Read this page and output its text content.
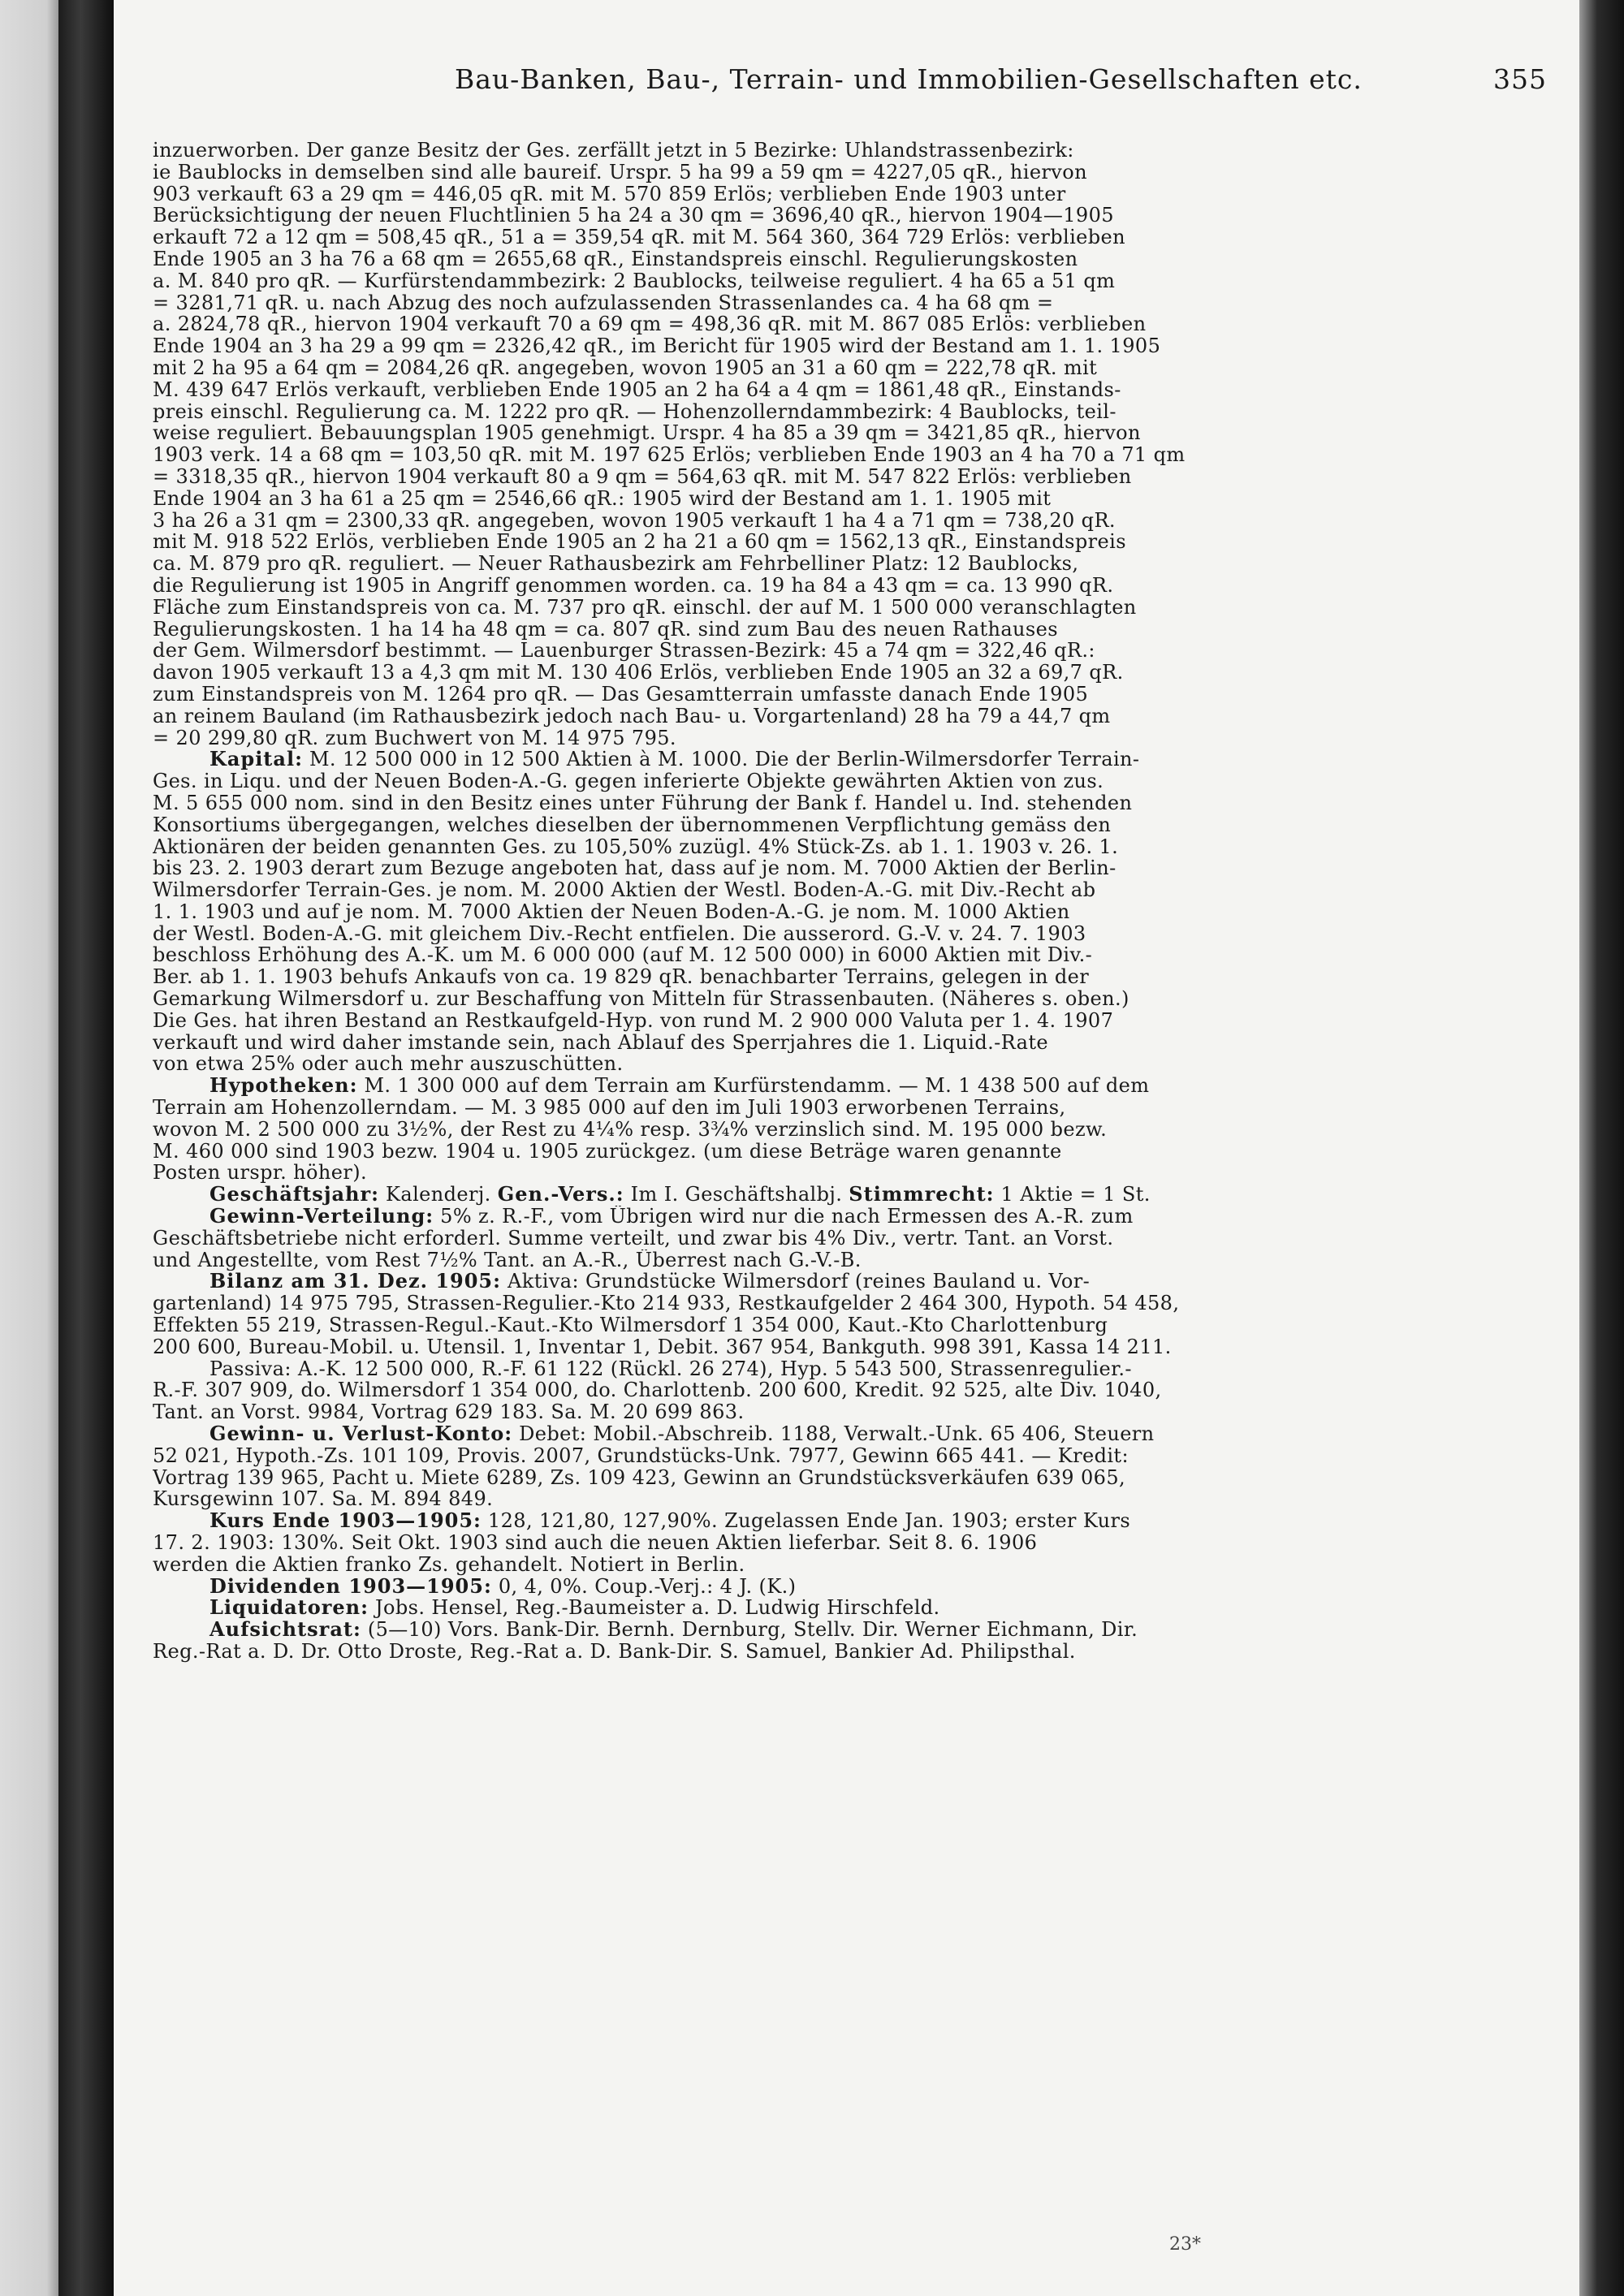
Bau-Banken, Bau-, Terrain- und Immobilien-Gesellschaften etc.	355
inzuerworben. Der ganze Besitz der Ges. zerfällt jetzt in 5 Bezirke: Uhlandstrassenbezirk:
ie Baublocks in demselben sind alle baureif. Urspr. 5 ha 99 a 59 qm = 4227,05 qR., hiervon
903 verkauft 63 a 29 qm = 446,05 qR. mit M. 570 859 Erlös; verblieben Ende 1903 unter
Berücksichtigung der neuen Fluchtlinien 5 ha 24 a 30 qm = 3696,40 qR., hiervon 1904—1905
erkauft 72 a 12 qm = 508,45 qR., 51 a = 359,54 qR. mit M. 564 360, 364 729 Erlös: verblieben
Ende 1905 an 3 ha 76 a 68 qm = 2655,68 qR., Einstandspreis einschl. Regulierungskosten
a. M. 840 pro qR. — Kurfürstendammbezirk: 2 Baublocks, teilweise reguliert. 4 ha 65 a 51 qm
= 3281,71 qR. u. nach Abzug des noch aufzulassenden Strassenlandes ca. 4 ha 68 qm =
a. 2824,78 qR., hiervon 1904 verkauft 70 a 69 qm = 498,36 qR. mit M. 867 085 Erlös: verblieben
Ende 1904 an 3 ha 29 a 99 qm = 2326,42 qR., im Bericht für 1905 wird der Bestand am 1. 1. 1905
mit 2 ha 95 a 64 qm = 2084,26 qR. angegeben, wovon 1905 an 31 a 60 qm = 222,78 qR. mit
M. 439 647 Erlös verkauft, verblieben Ende 1905 an 2 ha 64 a 4 qm = 1861,48 qR., Einstands-
preis einschl. Regulierung ca. M. 1222 pro qR. — Hohenzollerndammbezirk: 4 Baublocks, teil-
weise reguliert. Bebauungsplan 1905 genehmigt. Urspr. 4 ha 85 a 39 qm = 3421,85 qR., hiervon
1903 verk. 14 a 68 qm = 103,50 qR. mit M. 197 625 Erlös; verblieben Ende 1903 an 4 ha 70 a 71 qm
= 3318,35 qR., hiervon 1904 verkauft 80 a 9 qm = 564,63 qR. mit M. 547 822 Erlös: verblieben
Ende 1904 an 3 ha 61 a 25 qm = 2546,66 qR.: 1905 wird der Bestand am 1. 1. 1905 mit
3 ha 26 a 31 qm = 2300,33 qR. angegeben, wovon 1905 verkauft 1 ha 4 a 71 qm = 738,20 qR.
mit M. 918 522 Erlös, verblieben Ende 1905 an 2 ha 21 a 60 qm = 1562,13 qR., Einstandspreis
ca. M. 879 pro qR. reguliert. — Neuer Rathausbezirk am Fehrbelliner Platz: 12 Baublocks,
die Regulierung ist 1905 in Angriff genommen worden. ca. 19 ha 84 a 43 qm = ca. 13 990 qR.
Fläche zum Einstandspreis von ca. M. 737 pro qR. einschl. der auf M. 1 500 000 veranschlagten
Regulierungskosten. 1 ha 14 ha 48 qm = ca. 807 qR. sind zum Bau des neuen Rathauses
der Gem. Wilmersdorf bestimmt. — Lauenburger Strassen-Bezirk: 45 a 74 qm = 322,46 qR.:
davon 1905 verkauft 13 a 4,3 qm mit M. 130 406 Erlös, verblieben Ende 1905 an 32 a 69,7 qR.
zum Einstandspreis von M. 1264 pro qR. — Das Gesamtterrain umfasste danach Ende 1905
an reinem Bauland (im Rathausbezirk jedoch nach Bau- u. Vorgartenland) 28 ha 79 a 44,7 qm
= 20 299,80 qR. zum Buchwert von M. 14 975 795.
Kapital: M. 12 500 000 in 12 500 Aktien à M. 1000. Die der Berlin-Wilmersdorfer Terrain-
Ges. in Liqu. und der Neuen Boden-A.-G. gegen inferierte Objekte gewährten Aktien von zus.
M. 5 655 000 nom. sind in den Besitz eines unter Führung der Bank f. Handel u. Ind. stehenden
Konsortiums übergegangen, welches dieselben der übernommenen Verpflichtung gemäss den
Aktionären der beiden genannten Ges. zu 105,50% zuzügl. 4% Stück-Zs. ab 1. 1. 1903 v. 26. 1.
bis 23. 2. 1903 derart zum Bezuge angeboten hat, dass auf je nom. M. 7000 Aktien der Berlin-
Wilmersdorfer Terrain-Ges. je nom. M. 2000 Aktien der Westl. Boden-A.-G. mit Div.-Recht ab
1. 1. 1903 und auf je nom. M. 7000 Aktien der Neuen Boden-A.-G. je nom. M. 1000 Aktien
der Westl. Boden-A.-G. mit gleichem Div.-Recht entfielen. Die ausserord. G.-V. v. 24. 7. 1903
beschloss Erhöhung des A.-K. um M. 6 000 000 (auf M. 12 500 000) in 6000 Aktien mit Div.-
Ber. ab 1. 1. 1903 behufs Ankaufs von ca. 19 829 qR. benachbarter Terrains, gelegen in der
Gemarkung Wilmersdorf u. zur Beschaffung von Mitteln für Strassenbauten. (Näheres s. oben.)
Die Ges. hat ihren Bestand an Restkaufgeld-Hyp. von rund M. 2 900 000 Valuta per 1. 4. 1907
verkauft und wird daher imstande sein, nach Ablauf des Sperrjahres die 1. Liquid.-Rate
von etwa 25% oder auch mehr auszuschütten.
Hypotheken: M. 1 300 000 auf dem Terrain am Kurfürstendamm. — M. 1 438 500 auf dem
Terrain am Hohenzollerndam. — M. 3 985 000 auf den im Juli 1903 erworbenen Terrains,
wovon M. 2 500 000 zu 3½%, der Rest zu 4¼% resp. 3¾% verzinslich sind. M. 195 000 bezw.
M. 460 000 sind 1903 bezw. 1904 u. 1905 zurückgez. (um diese Beträge waren genannte
Posten urspr. höher).
Geschäftsjahr: Kalenderj. Gen.-Vers.: Im I. Geschäftshalbj. Stimmrecht: 1 Aktie = 1 St.
Gewinn-Verteilung: 5% z. R.-F., vom Übrigen wird nur die nach Ermessen des A.-R. zum
Geschäftsbetriebe nicht erforderl. Summe verteilt, und zwar bis 4% Div., vertr. Tant. an Vorst.
und Angestellte, vom Rest 7½% Tant. an A.-R., Überrest nach G.-V.-B.
Bilanz am 31. Dez. 1905: Aktiva: Grundstücke Wilmersdorf (reines Bauland u. Vor-
gartenland) 14 975 795, Strassen-Regulier.-Kto 214 933, Restkaufgelder 2 464 300, Hypoth. 54 458,
Effekten 55 219, Strassen-Regul.-Kaut.-Kto Wilmersdorf 1 354 000, Kaut.-Kto Charlottenburg
200 600, Bureau-Mobil. u. Utensil. 1, Inventar 1, Debit. 367 954, Bankguth. 998 391, Kassa 14 211.
Passiva: A.-K. 12 500 000, R.-F. 61 122 (Rückl. 26 274), Hyp. 5 543 500, Strassenregulier.-
R.-F. 307 909, do. Wilmersdorf 1 354 000, do. Charlottenb. 200 600, Kredit. 92 525, alte Div. 1040,
Tant. an Vorst. 9984, Vortrag 629 183. Sa. M. 20 699 863.
Gewinn- u. Verlust-Konto: Debet: Mobil.-Abschreib. 1188, Verwalt.-Unk. 65 406, Steuern
52 021, Hypoth.-Zs. 101 109, Provis. 2007, Grundstücks-Unk. 7977, Gewinn 665 441. — Kredit:
Vortrag 139 965, Pacht u. Miete 6289, Zs. 109 423, Gewinn an Grundstücksverkäufen 639 065,
Kursgewinn 107. Sa. M. 894 849.
Kurs Ende 1903—1905: 128, 121,80, 127,90%. Zugelassen Ende Jan. 1903; erster Kurs
17. 2. 1903: 130%. Seit Okt. 1903 sind auch die neuen Aktien lieferbar. Seit 8. 6. 1906
werden die Aktien franko Zs. gehandelt. Notiert in Berlin.
Dividenden 1903—1905: 0, 4, 0%. Coup.-Verj.: 4 J. (K.)
Liquidatoren: Jobs. Hensel, Reg.-Baumeister a. D. Ludwig Hirschfeld.
Aufsichtsrat: (5—10) Vors. Bank-Dir. Bernh. Dernburg, Stellv. Dir. Werner Eichmann, Dir.
Reg.-Rat a. D. Dr. Otto Droste, Reg.-Rat a. D. Bank-Dir. S. Samuel, Bankier Ad. Philipsthal.
23*
